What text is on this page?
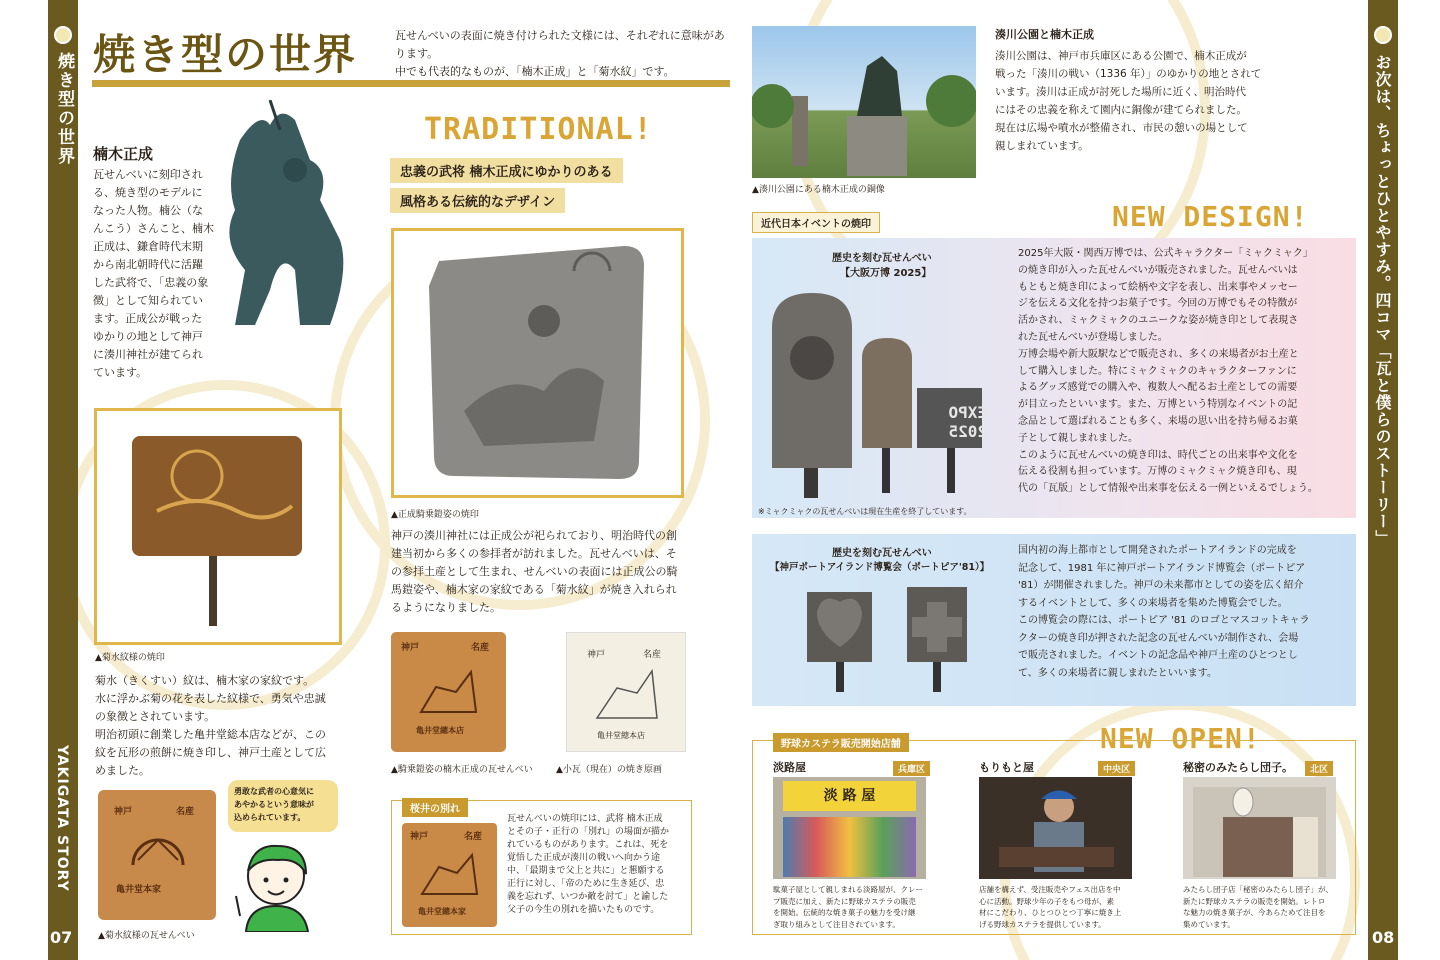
焼き型の世界
YAKIGATA STORY
07
お次は、ちょっとひとやすみ。四コマ「瓦と僕らのストーリー」
08
焼き型の世界	瓦せんべいの表面に焼き付けられた文様には、それぞれに意味があります。
中でも代表的なものが、「楠木正成」と「菊水紋」です。
楠木正成
瓦せんべいに刻印され
る、焼き型のモデルに
なった人物。楠公（な
んこう）さんこと、楠木
正成は、鎌倉時代末期
から南北朝時代に活躍
した武将で、「忠義の象
徴」として知られてい
ます。正成公が戦った
ゆかりの地として神戸
に湊川神社が建てられ
ています。
▲菊水紋様の焼印
菊水（きくすい）紋は、楠木家の家紋です。
水に浮かぶ菊の花を表した紋様で、勇気や忠誠
の象徴とされています。
明治初頭に創業した亀井堂総本店などが、この
紋を瓦形の煎餅に焼き印し、神戸土産として広
めました。
神戸	名産
亀井堂本家
▲菊水紋様の瓦せんべい
勇敢な武者の心意気に
あやかるという意味が
込められています。
TRADITIONAL!
忠義の武将 楠木正成にゆかりのある
風格ある伝統的なデザイン
▲正成騎乗鎧姿の焼印
神戸の湊川神社には正成公が祀られており、明治時代の創
建当初から多くの参拝者が訪れました。瓦せんべいは、そ
の参拝土産として生まれ、せんべいの表面には正成公の騎
馬鎧姿や、楠木家の家紋である「菊水紋」が焼き入れられ
るようになりました。
神戸	名産
亀井堂總本店
神戸	名産
亀井堂總本店
▲騎乗鎧姿の楠木正成の瓦せんべい	▲小瓦（現在）の焼き原画
桜井の別れ
神戸	名産
亀井堂總本家
瓦せんべいの焼印には、武将 楠木正成
とその子・正行の「別れ」の場面が描か
れているものがあります。これは、死を
覚悟した正成が湊川の戦いへ向かう途
中、「最期まで父上と共に」と懇願する
正行に対し、「帝のために生き延び、忠
義を忘れず、いつか敵を討て」と諭した
父子の今生の別れを描いたものです。
▲湊川公園にある楠木正成の銅像
湊川公園と楠木正成
湊川公園は、神戸市兵庫区にある公園で、楠木正成が
戦った「湊川の戦い（1336 年）」のゆかりの地とされて
います。湊川は正成が討死した場所に近く、明治時代
にはその忠義を称えて園内に銅像が建てられました。
現在は広場や噴水が整備され、市民の憩いの場として
親しまれています。
近代日本イベントの焼印	NEW DESIGN!
歴史を刻む瓦せんべい
【大阪万博 2025】
EXPO 2025
※ミャクミャクの瓦せんべいは現在生産を終了しています。
2025年大阪・関西万博では、公式キャラクター「ミャクミャク」
の焼き印が入った瓦せんべいが販売されました。瓦せんべいは
もともと焼き印によって絵柄や文字を表し、出来事やメッセー
ジを伝える文化を持つお菓子です。今回の万博でもその特徴が
活かされ、ミャクミャクのユニークな姿が焼き印として表現さ
れた瓦せんべいが登場しました。
万博会場や新大阪駅などで販売され、多くの来場者がお土産と
して購入しました。特にミャクミャクのキャラクターファンに
よるグッズ感覚での購入や、複数人へ配るお土産としての需要
が目立ったといいます。また、万博という特別なイベントの記
念品として選ばれることも多く、来場の思い出を持ち帰るお菓
子として親しまれました。
このように瓦せんべいの焼き印は、時代ごとの出来事や文化を
伝える役割も担っています。万博のミャクミャク焼き印も、現
代の「瓦版」として情報や出来事を伝える一例といえるでしょう。
歴史を刻む瓦せんべい
【神戸ポートアイランド博覧会（ポートピア'81）】
国内初の海上都市として開発されたポートアイランドの完成を
記念して、1981 年に神戸ポートアイランド博覧会（ポートピア
'81）が開催されました。神戸の未来都市としての姿を広く紹介
するイベントとして、多くの来場者を集めた博覧会でした。
この博覧会の際には、ポートピア '81 のロゴとマスコットキャラ
クターの焼き印が押された記念の瓦せんべいが制作され、会場
で販売されました。イベントの記念品や神戸土産のひとつとし
て、多くの来場者に親しまれたといいます。
NEW OPEN!
野球カステラ販売開始店舗
淡路屋	兵庫区
淡 路 屋
駄菓子屋として親しまれる淡路屋が、クレー
プ販売に加え、新たに野球カステラの販売
を開始。伝統的な焼き菓子の魅力を受け継
ぎ取り組みとして注目されています。
もりもと屋	中央区
店舗を構えず、受注販売やフェス出店を中
心に活動。野球少年の子をもつ母が、素
材にこだわり、ひとつひとつ丁寧に焼き上
げる野球カステラを提供しています。
秘密のみたらし団子。	北区
みたらし団子店「秘密のみたらし団子」が、
新たに野球カステラの販売を開始。レトロ
な魅力の焼き菓子が、今あらためて注目を
集めています。
